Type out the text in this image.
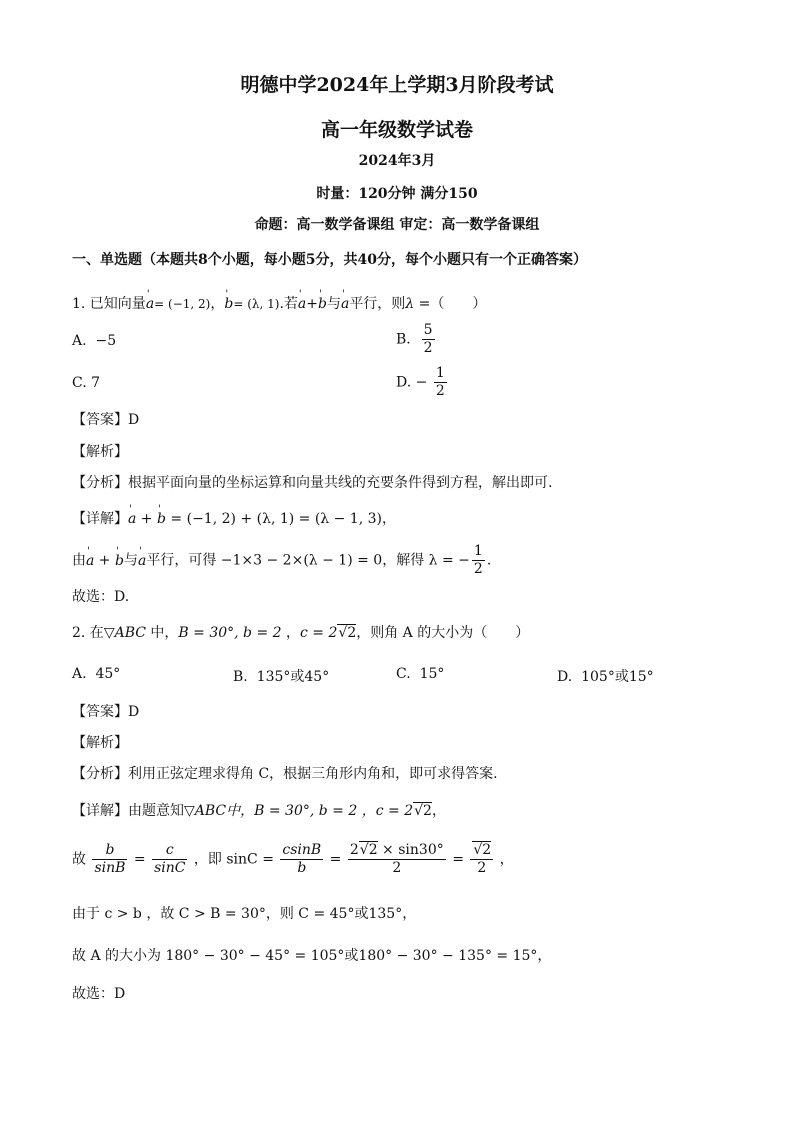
明德中学2024年上学期3月阶段考试
高一年级数学试卷
2024年3月
时量：120分钟 满分150
命题：高一数学备课组 审定：高一数学备课组
一、单选题（本题共8个小题，每小题5分，共40分，每个小题只有一个正确答案）
1. 已知向量' a= (−1, 2)，' b= (λ, 1).若' a+' b与' a平行，则λ =（　　）
A. −5	B. $\frac{5}{2}$
C. 7	D. − $\frac{1}{2}$
【答案】D
【解析】
【分析】根据平面向量的坐标运算和向量共线的充要条件得到方程，解出即可.
【详解】' a + ' b = (−1, 2) + (λ, 1) = (λ − 1, 3)，
由' a + ' b与' a平行，可得 −1×3 − 2×(λ − 1) = 0，解得 λ = − $\frac{1}{2}$ .
故选：D.
2. 在▽ABC 中，B = 30°, b = 2 ，c = 2√2，则角 A 的大小为（　　）
A. 45°	B. 135°或45°	C. 15°	D. 105°或15°
【答案】D
【解析】
【分析】利用正弦定理求得角 C，根据三角形内角和，即可求得答案.
【详解】由题意知▽ABC中，B = 30°, b = 2 ，c = 2√2，
故 $\frac{b}{\sin B} = \frac{c}{\sin C}$ ，即 $\sin C = \frac{csinB}{b} = \frac{2√2 \times \sin 30^\circ}{2} = \frac{√2}{2}$ ，
由于 c > b ，故 C > B = 30°，则 C = 45°或135°，
故 A 的大小为 180° − 30° − 45° = 105°或180° − 30° − 135° = 15°，
故选：D
